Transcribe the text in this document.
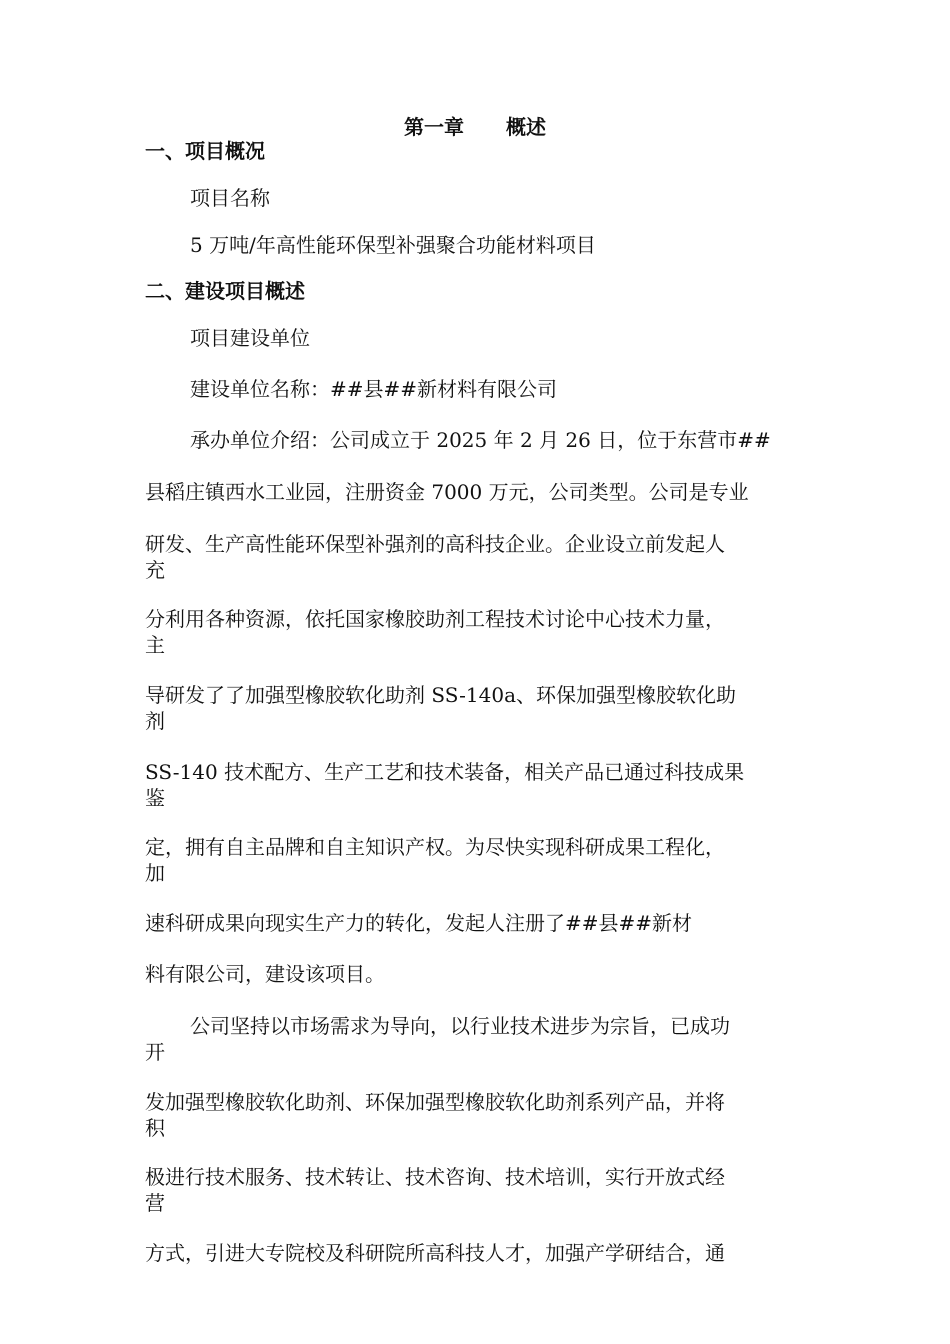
第一章 概述
一、项目概况
项目名称
5 万吨/年高性能环保型补强聚合功能材料项目
二、建设项目概述
项目建设单位
建设单位名称：##县##新材料有限公司
承办单位介绍：公司成立于 2025 年 2 月 26 日，位于东营市##
县稻庄镇西水工业园，注册资金 7000 万元，公司类型。公司是专业
研发、生产高性能环保型补强剂的高科技企业。企业设立前发起人
充
分利用各种资源，依托国家橡胶助剂工程技术讨论中心技术力量，
主
导研发了了加强型橡胶软化助剂 SS-140a、环保加强型橡胶软化助
剂
SS-140 技术配方、生产工艺和技术装备，相关产品已通过科技成果
鉴
定，拥有自主品牌和自主知识产权。为尽快实现科研成果工程化，
加
速科研成果向现实生产力的转化，发起人注册了##县##新材
料有限公司，建设该项目。
公司坚持以市场需求为导向，以行业技术进步为宗旨，已成功
开
发加强型橡胶软化助剂、环保加强型橡胶软化助剂系列产品，并将
积
极进行技术服务、技术转让、技术咨询、技术培训，实行开放式经
营
方式，引进大专院校及科研院所高科技人才，加强产学研结合，通
